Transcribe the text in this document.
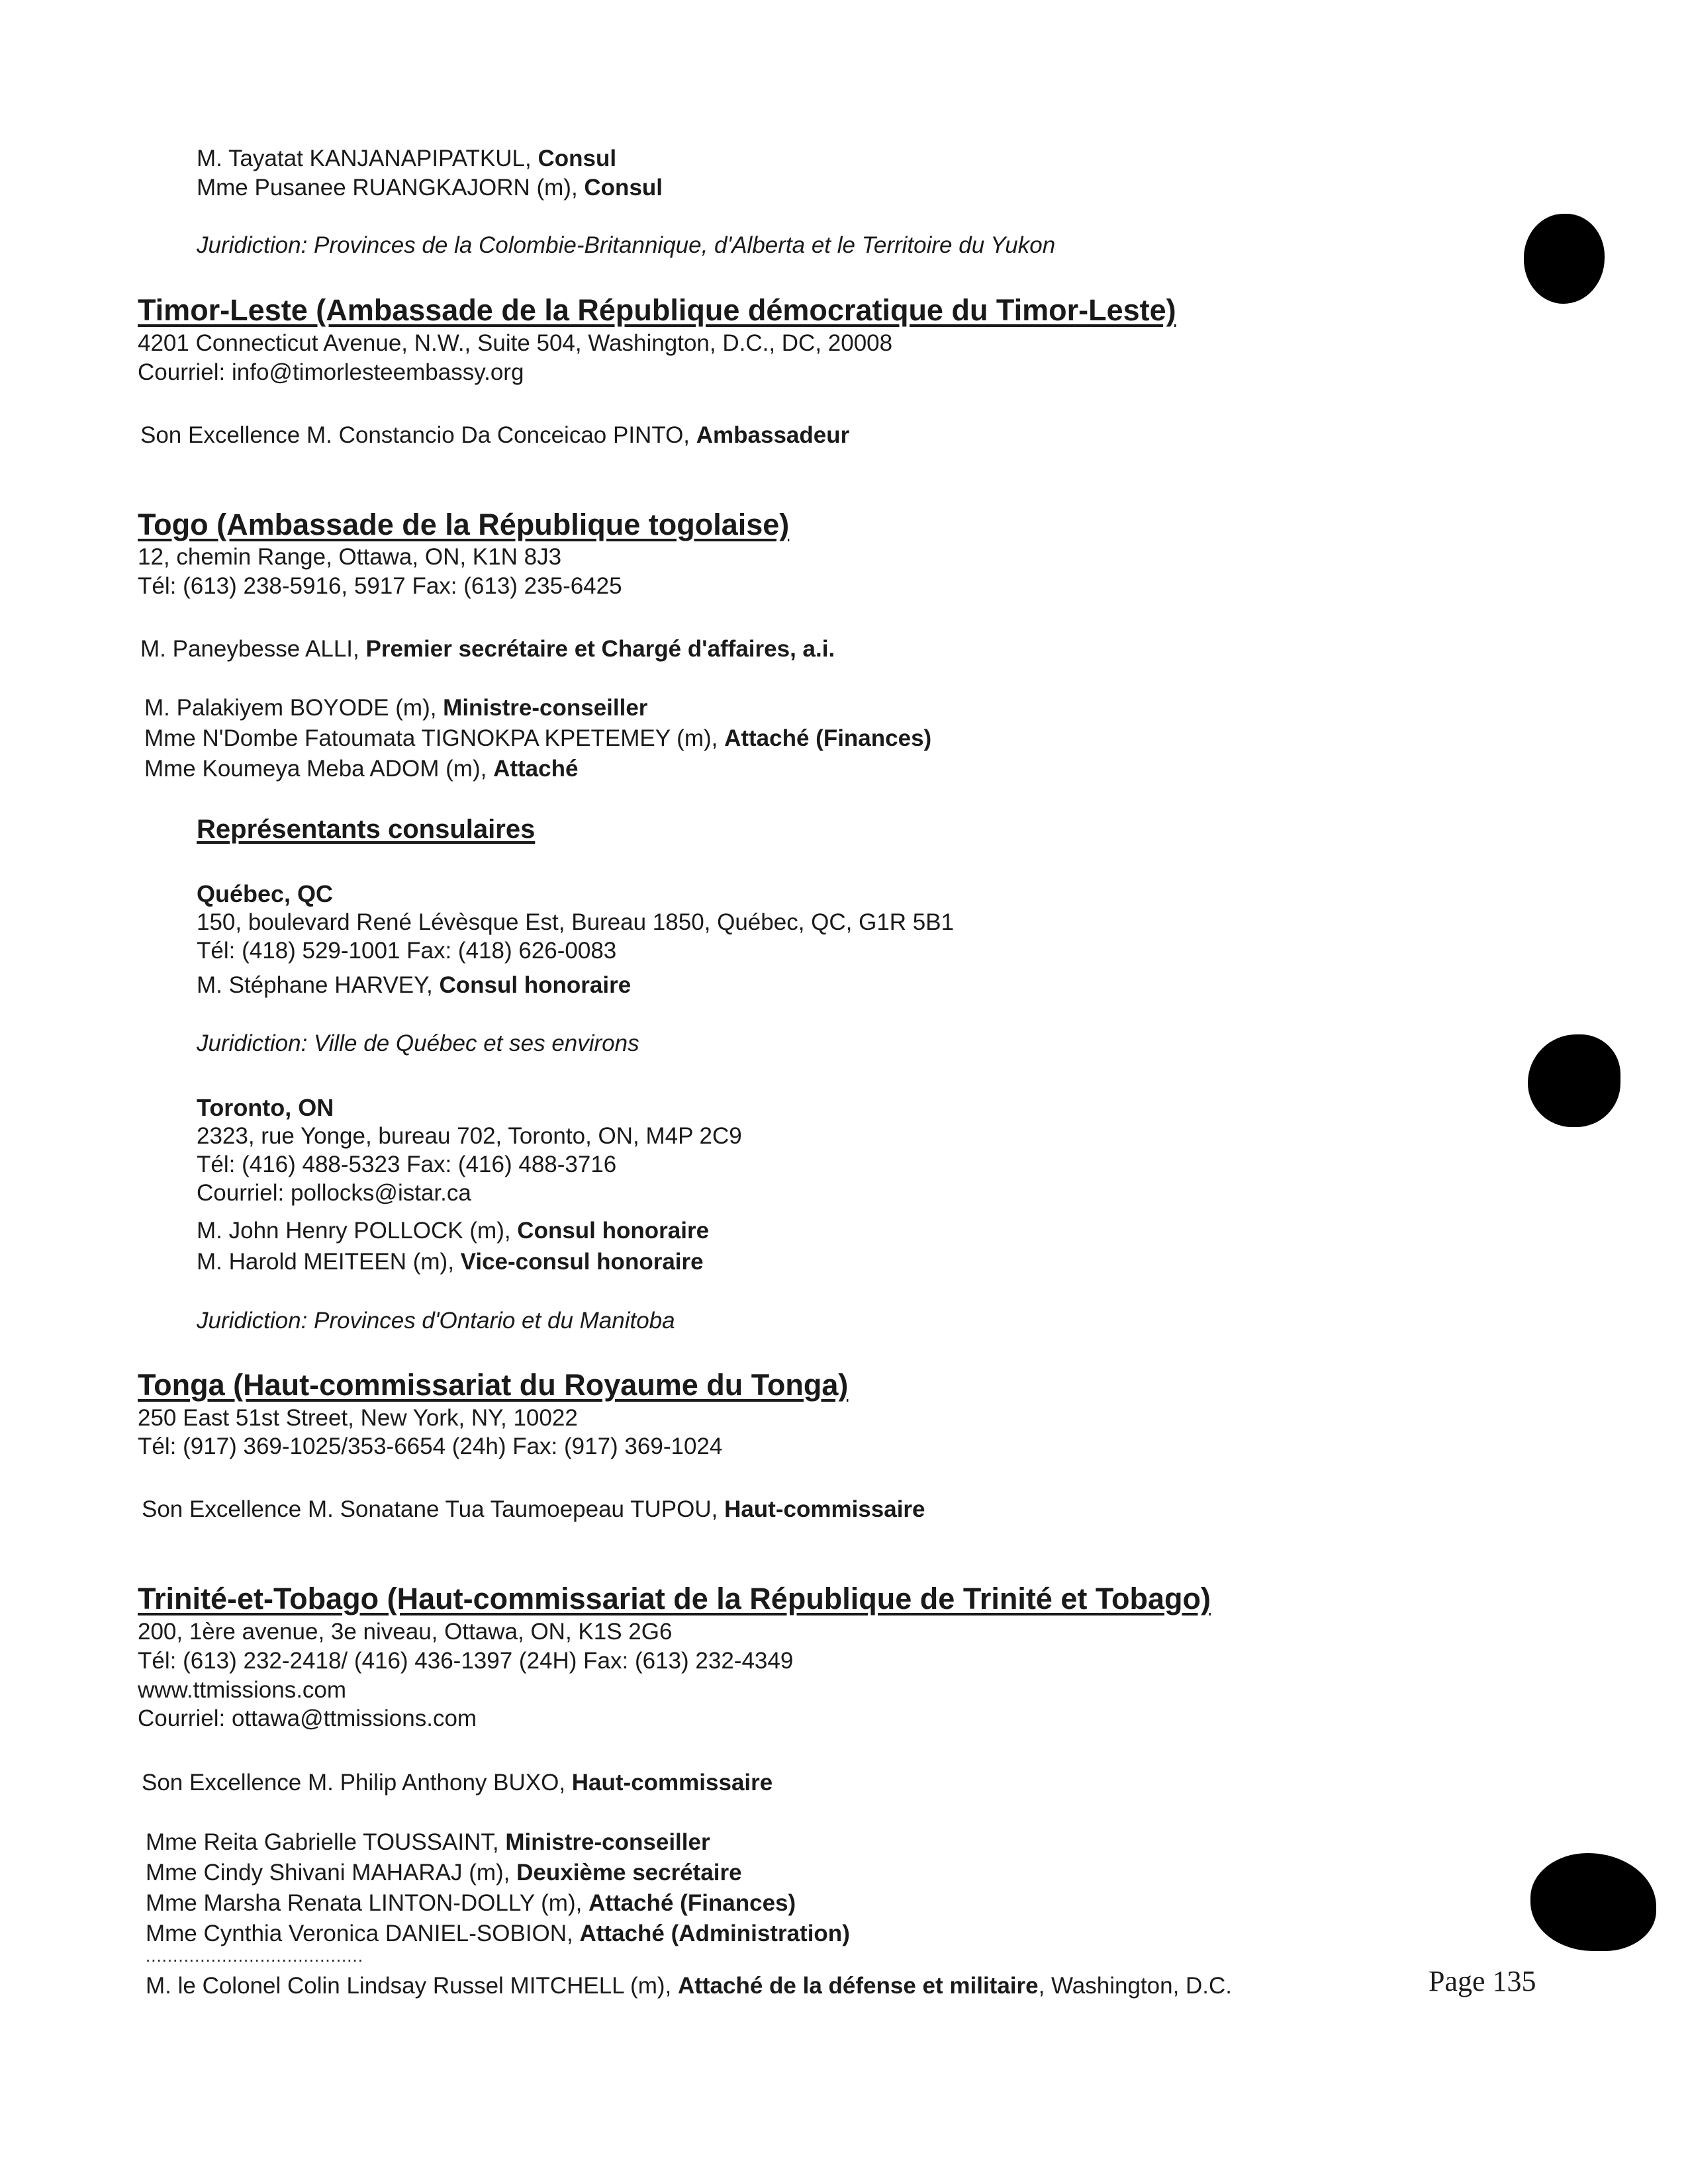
M. Tayatat KANJANAPIPATKUL, Consul
Mme Pusanee RUANGKAJORN (m), Consul
Juridiction: Provinces de la Colombie-Britannique, d'Alberta et le Territoire du Yukon
Timor-Leste (Ambassade de la République démocratique du Timor-Leste)
4201 Connecticut Avenue, N.W., Suite 504, Washington, D.C., DC, 20008
Courriel: info@timorlesteembassy.org
Son Excellence M. Constancio Da Conceicao PINTO, Ambassadeur
Togo (Ambassade de la République togolaise)
12, chemin Range, Ottawa, ON, K1N 8J3
Tél: (613) 238-5916, 5917 Fax: (613) 235-6425
M. Paneybesse ALLI, Premier secrétaire et Chargé d'affaires, a.i.
M. Palakiyem BOYODE (m), Ministre-conseiller
Mme N'Dombe Fatoumata TIGNOKPA KPETEMEY (m), Attaché (Finances)
Mme Koumeya Meba ADOM (m), Attaché
Représentants consulaires
Québec, QC
150, boulevard René Lévèsque Est, Bureau 1850, Québec, QC, G1R 5B1
Tél: (418) 529-1001 Fax: (418) 626-0083
M. Stéphane HARVEY, Consul honoraire
Juridiction: Ville de Québec et ses environs
Toronto, ON
2323, rue Yonge, bureau 702, Toronto, ON, M4P 2C9
Tél: (416) 488-5323 Fax: (416) 488-3716
Courriel: pollocks@istar.ca
M. John Henry POLLOCK (m), Consul honoraire
M. Harold MEITEEN (m), Vice-consul honoraire
Juridiction: Provinces d'Ontario et du Manitoba
Tonga (Haut-commissariat du Royaume du Tonga)
250 East 51st Street, New York, NY, 10022
Tél: (917) 369-1025/353-6654 (24h) Fax: (917) 369-1024
Son Excellence M. Sonatane Tua Taumoepeau TUPOU, Haut-commissaire
Trinité-et-Tobago (Haut-commissariat de la République de Trinité et Tobago)
200, 1ère avenue, 3e niveau, Ottawa, ON, K1S 2G6
Tél: (613) 232-2418/ (416) 436-1397 (24H) Fax: (613) 232-4349
www.ttmissions.com
Courriel: ottawa@ttmissions.com
Son Excellence M. Philip Anthony BUXO, Haut-commissaire
Mme Reita Gabrielle TOUSSAINT, Ministre-conseiller
Mme Cindy Shivani MAHARAJ (m), Deuxième secrétaire
Mme Marsha Renata LINTON-DOLLY (m), Attaché (Finances)
Mme Cynthia Veronica DANIEL-SOBION, Attaché (Administration)
........................................
M. le Colonel Colin Lindsay Russel MITCHELL (m), Attaché de la défense et militaire, Washington, D.C.	Page 135
